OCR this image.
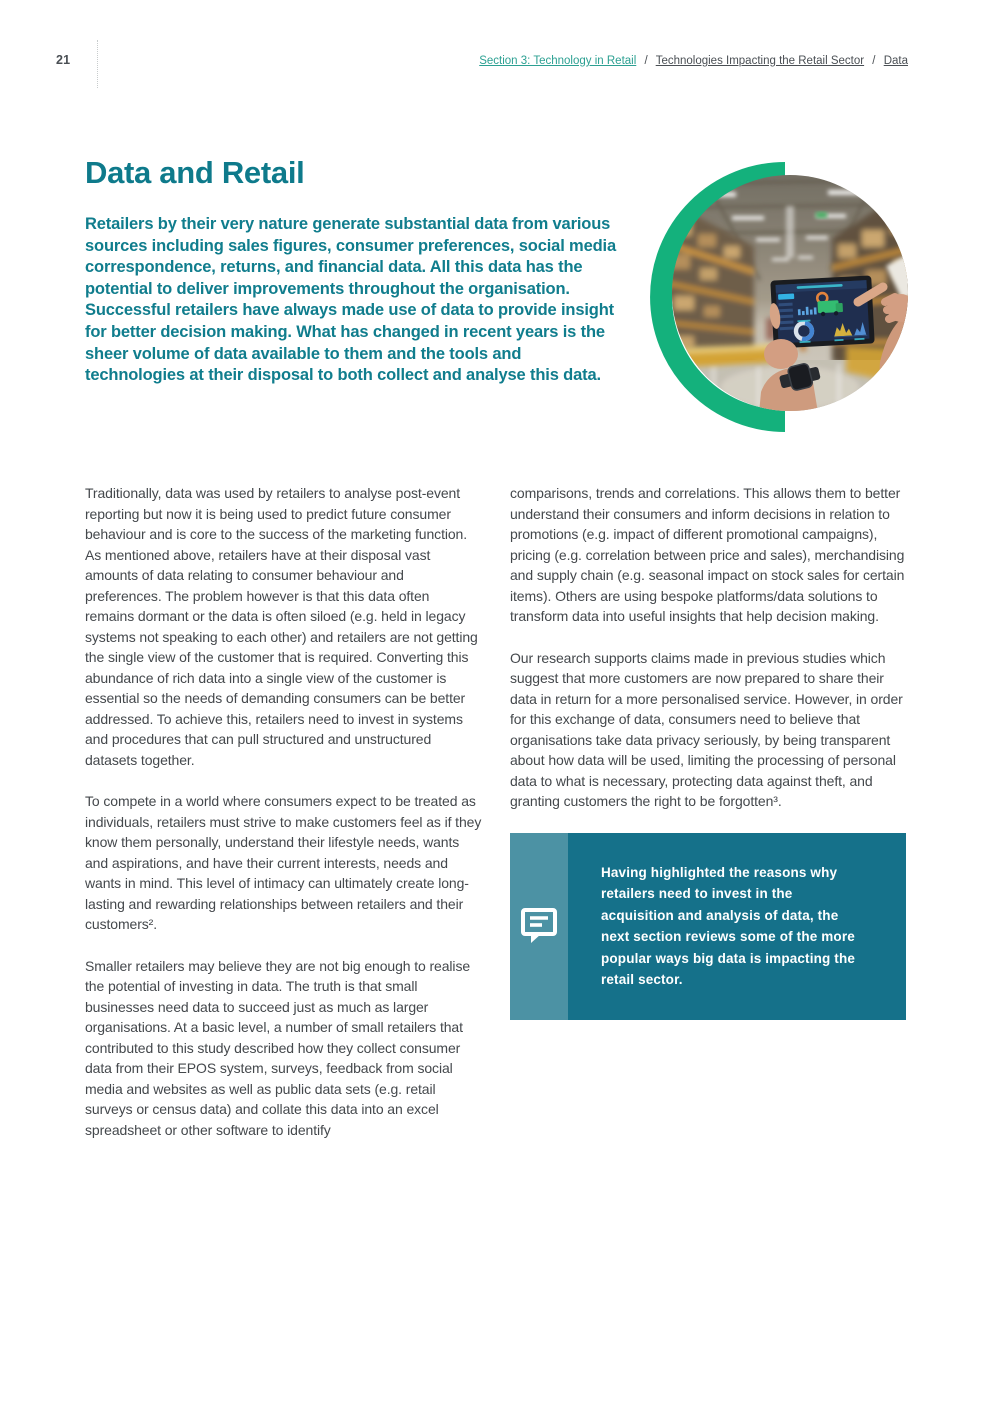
21	Section 3: Technology in Retail / Technologies Impacting the Retail Sector / Data
Data and Retail

Retailers by their very nature generate substantial data from various sources including sales figures, consumer preferences, social media correspondence, returns, and financial data. All this data has the potential to deliver improvements throughout the organisation. Successful retailers have always made use of data to provide insight for better decision making. What has changed in recent years is the sheer volume of data available to them and the tools and technologies at their disposal to both collect and analyse this data.

Traditionally, data was used by retailers to analyse post-event reporting but now it is being used to predict future consumer behaviour and is core to the success of the marketing function. As mentioned above, retailers have at their disposal vast amounts of data relating to consumer behaviour and preferences. The problem however is that this data often remains dormant or the data is often siloed (e.g. held in legacy systems not speaking to each other) and retailers are not getting the single view of the customer that is required. Converting this abundance of rich data into a single view of the customer is essential so the needs of demanding consumers can be better addressed. To achieve this, retailers need to invest in systems and procedures that can pull structured and unstructured datasets together.

To compete in a world where consumers expect to be treated as individuals, retailers must strive to make customers feel as if they know them personally, understand their lifestyle needs, wants and aspirations, and have their current interests, needs and wants in mind. This level of intimacy can ultimately create long-lasting and rewarding relationships between retailers and their customers².

Smaller retailers may believe they are not big enough to realise the potential of investing in data. The truth is that small businesses need data to succeed just as much as larger organisations. At a basic level, a number of small retailers that contributed to this study described how they collect consumer data from their EPOS system, surveys, feedback from social media and websites as well as public data sets (e.g. retail surveys or census data) and collate this data into an excel spreadsheet or other software to identify

comparisons, trends and correlations. This allows them to better understand their consumers and inform decisions in relation to promotions (e.g. impact of different promotional campaigns), pricing (e.g. correlation between price and sales), merchandising and supply chain (e.g. seasonal impact on stock sales for certain items). Others are using bespoke platforms/data solutions to transform data into useful insights that help decision making.

Our research supports claims made in previous studies which suggest that more customers are now prepared to share their data in return for a more personalised service. However, in order for this exchange of data, consumers need to believe that organisations take data privacy seriously, by being transparent about how data will be used, limiting the processing of personal data to what is necessary, protecting data against theft, and granting customers the right to be forgotten³.

Having highlighted the reasons why retailers need to invest in the acquisition and analysis of data, the next section reviews some of the more popular ways big data is impacting the retail sector.
